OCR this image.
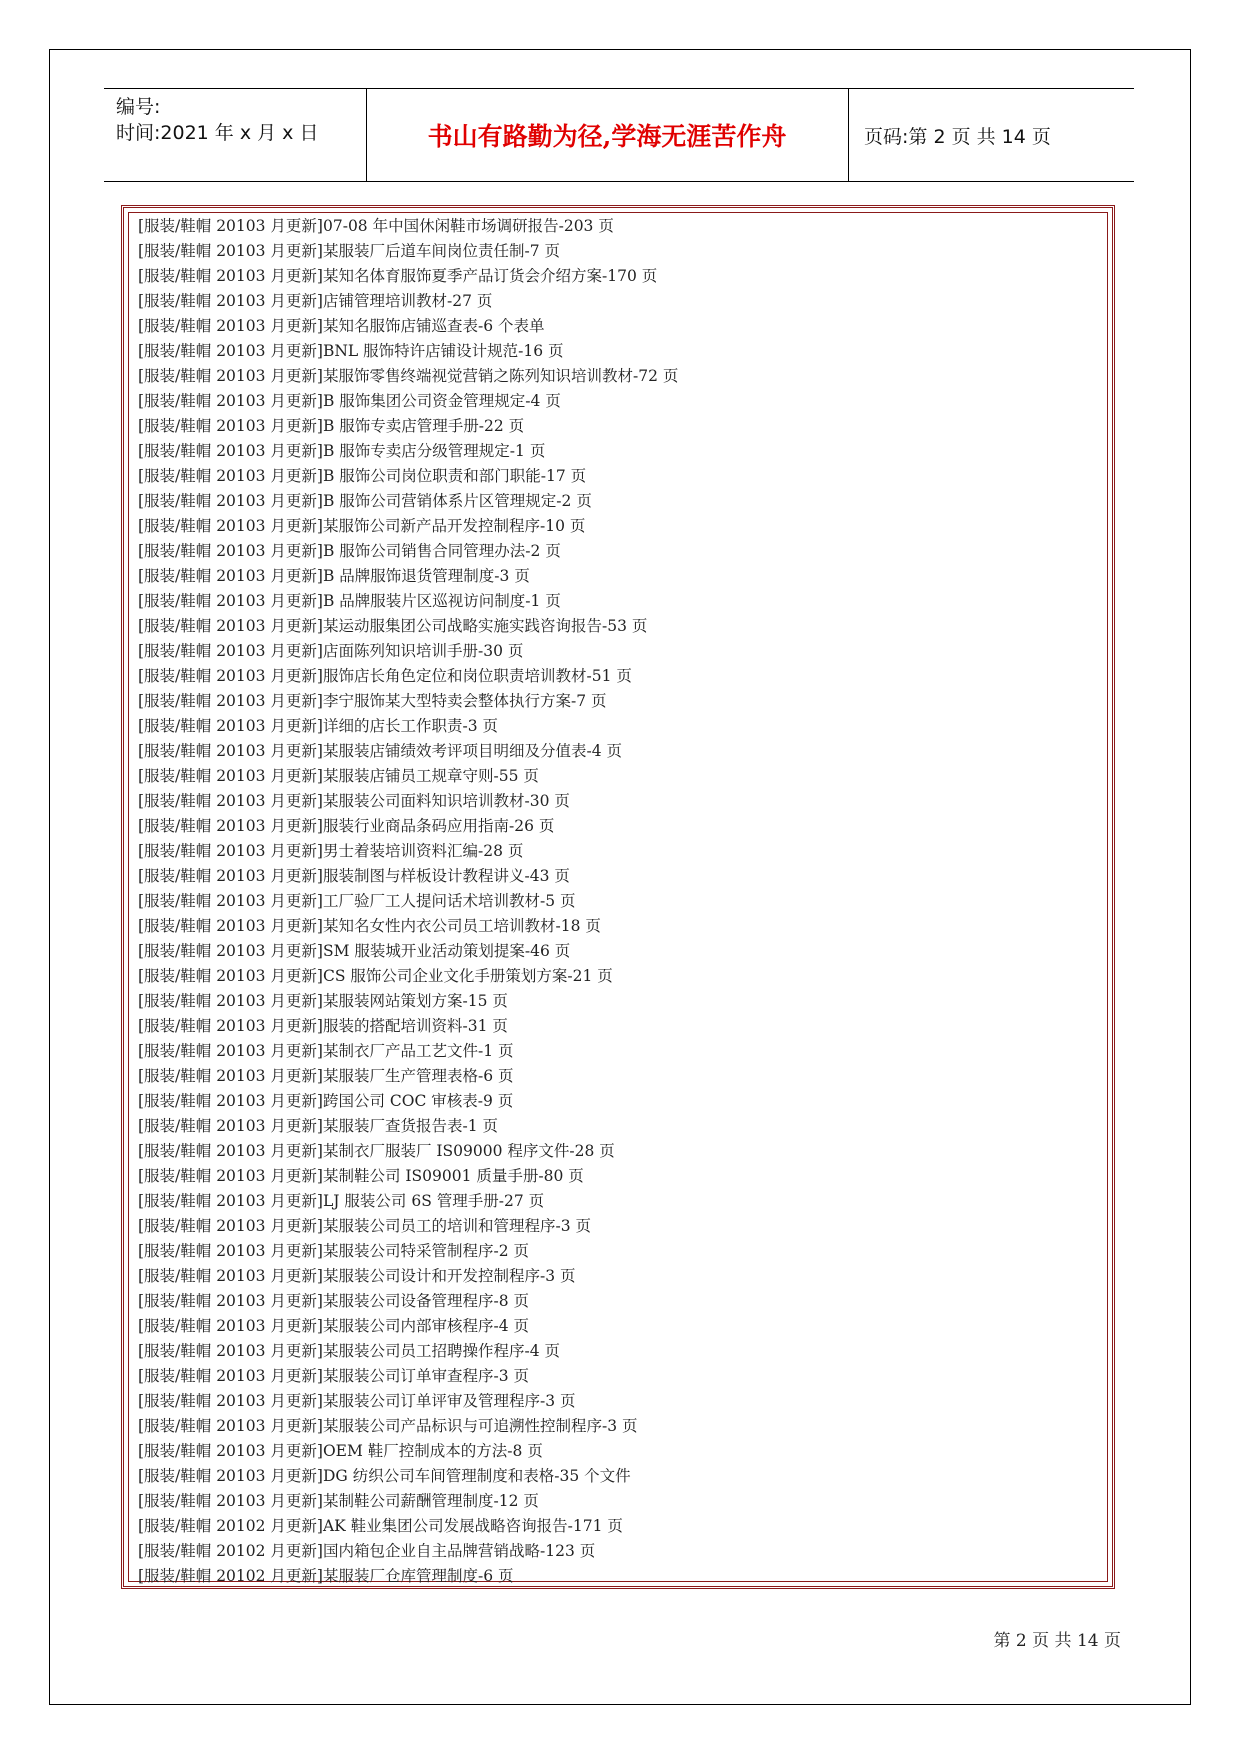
编号:
时间:2021 年 x 月 x 日	书山有路勤为径,学海无涯苦作舟	页码:第 2 页 共 14 页
[服装/鞋帽 20103 月更新]07-08 年中国休闲鞋市场调研报告-203 页
[服装/鞋帽 20103 月更新]某服装厂后道车间岗位责任制-7 页
[服装/鞋帽 20103 月更新]某知名体育服饰夏季产品订货会介绍方案-170 页
[服装/鞋帽 20103 月更新]店铺管理培训教材-27 页
[服装/鞋帽 20103 月更新]某知名服饰店铺巡查表-6 个表单
[服装/鞋帽 20103 月更新]BNL 服饰特许店铺设计规范-16 页
[服装/鞋帽 20103 月更新]某服饰零售终端视觉营销之陈列知识培训教材-72 页
[服装/鞋帽 20103 月更新]B 服饰集团公司资金管理规定-4 页
[服装/鞋帽 20103 月更新]B 服饰专卖店管理手册-22 页
[服装/鞋帽 20103 月更新]B 服饰专卖店分级管理规定-1 页
[服装/鞋帽 20103 月更新]B 服饰公司岗位职责和部门职能-17 页
[服装/鞋帽 20103 月更新]B 服饰公司营销体系片区管理规定-2 页
[服装/鞋帽 20103 月更新]某服饰公司新产品开发控制程序-10 页
[服装/鞋帽 20103 月更新]B 服饰公司销售合同管理办法-2 页
[服装/鞋帽 20103 月更新]B 品牌服饰退货管理制度-3 页
[服装/鞋帽 20103 月更新]B 品牌服装片区巡视访问制度-1 页
[服装/鞋帽 20103 月更新]某运动服集团公司战略实施实践咨询报告-53 页
[服装/鞋帽 20103 月更新]店面陈列知识培训手册-30 页
[服装/鞋帽 20103 月更新]服饰店长角色定位和岗位职责培训教材-51 页
[服装/鞋帽 20103 月更新]李宁服饰某大型特卖会整体执行方案-7 页
[服装/鞋帽 20103 月更新]详细的店长工作职责-3 页
[服装/鞋帽 20103 月更新]某服装店铺绩效考评项目明细及分值表-4 页
[服装/鞋帽 20103 月更新]某服装店铺员工规章守则-55 页
[服装/鞋帽 20103 月更新]某服装公司面料知识培训教材-30 页
[服装/鞋帽 20103 月更新]服装行业商品条码应用指南-26 页
[服装/鞋帽 20103 月更新]男士着装培训资料汇编-28 页
[服装/鞋帽 20103 月更新]服装制图与样板设计教程讲义-43 页
[服装/鞋帽 20103 月更新]工厂验厂工人提问话术培训教材-5 页
[服装/鞋帽 20103 月更新]某知名女性内衣公司员工培训教材-18 页
[服装/鞋帽 20103 月更新]SM 服装城开业活动策划提案-46 页
[服装/鞋帽 20103 月更新]CS 服饰公司企业文化手册策划方案-21 页
[服装/鞋帽 20103 月更新]某服装网站策划方案-15 页
[服装/鞋帽 20103 月更新]服装的搭配培训资料-31 页
[服装/鞋帽 20103 月更新]某制衣厂产品工艺文件-1 页
[服装/鞋帽 20103 月更新]某服装厂生产管理表格-6 页
[服装/鞋帽 20103 月更新]跨国公司 COC 审核表-9 页
[服装/鞋帽 20103 月更新]某服装厂查货报告表-1 页
[服装/鞋帽 20103 月更新]某制衣厂服装厂 IS09000 程序文件-28 页
[服装/鞋帽 20103 月更新]某制鞋公司 IS09001 质量手册-80 页
[服装/鞋帽 20103 月更新]LJ 服装公司 6S 管理手册-27 页
[服装/鞋帽 20103 月更新]某服装公司员工的培训和管理程序-3 页
[服装/鞋帽 20103 月更新]某服装公司特采管制程序-2 页
[服装/鞋帽 20103 月更新]某服装公司设计和开发控制程序-3 页
[服装/鞋帽 20103 月更新]某服装公司设备管理程序-8 页
[服装/鞋帽 20103 月更新]某服装公司内部审核程序-4 页
[服装/鞋帽 20103 月更新]某服装公司员工招聘操作程序-4 页
[服装/鞋帽 20103 月更新]某服装公司订单审查程序-3 页
[服装/鞋帽 20103 月更新]某服装公司订单评审及管理程序-3 页
[服装/鞋帽 20103 月更新]某服装公司产品标识与可追溯性控制程序-3 页
[服装/鞋帽 20103 月更新]OEM 鞋厂控制成本的方法-8 页
[服装/鞋帽 20103 月更新]DG 纺织公司车间管理制度和表格-35 个文件
[服装/鞋帽 20103 月更新]某制鞋公司薪酬管理制度-12 页
[服装/鞋帽 20102 月更新]AK 鞋业集团公司发展战略咨询报告-171 页
[服装/鞋帽 20102 月更新]国内箱包企业自主品牌营销战略-123 页
[服装/鞋帽 20102 月更新]某服装厂仓库管理制度-6 页
第 2 页 共 14 页
